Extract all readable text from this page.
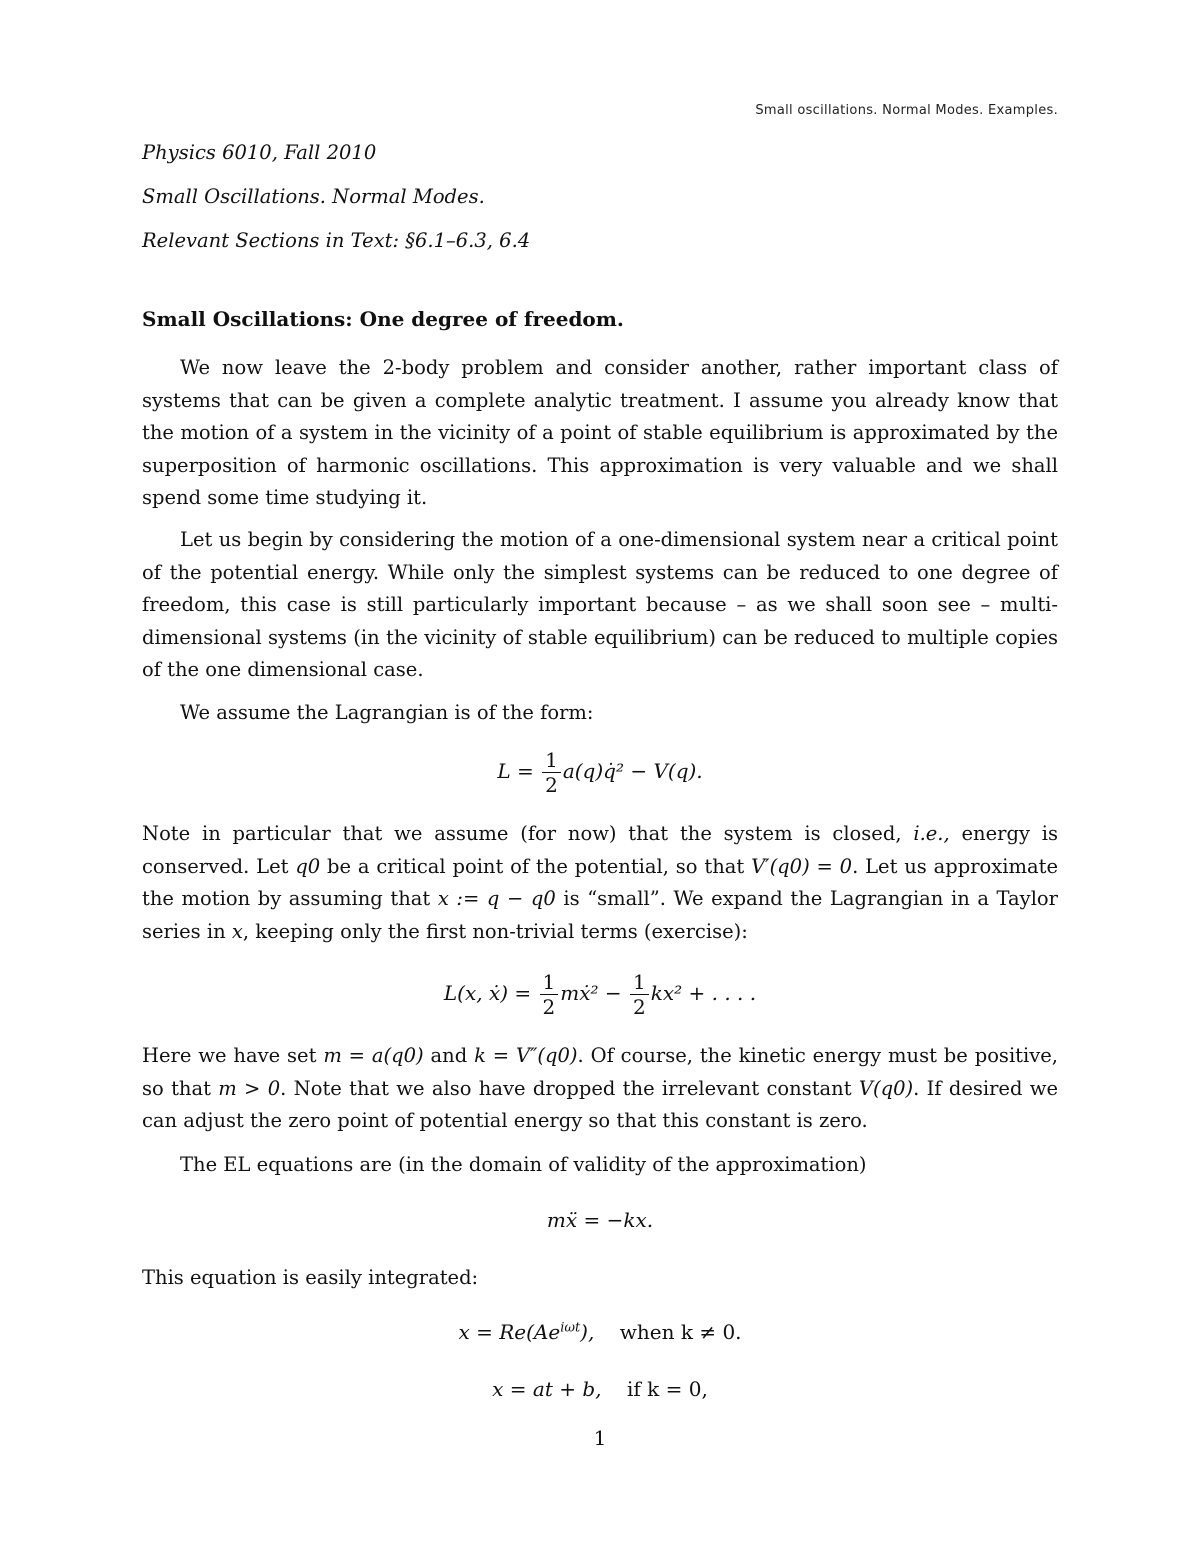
Small oscillations. Normal Modes. Examples.
Physics 6010, Fall 2010
Small Oscillations. Normal Modes.
Relevant Sections in Text: §6.1–6.3, 6.4
Small Oscillations: One degree of freedom.
We now leave the 2-body problem and consider another, rather important class of systems that can be given a complete analytic treatment. I assume you already know that the motion of a system in the vicinity of a point of stable equilibrium is approximated by the superposition of harmonic oscillations. This approximation is very valuable and we shall spend some time studying it.
Let us begin by considering the motion of a one-dimensional system near a critical point of the potential energy. While only the simplest systems can be reduced to one degree of freedom, this case is still particularly important because – as we shall soon see – multi-dimensional systems (in the vicinity of stable equilibrium) can be reduced to multiple copies of the one dimensional case.
We assume the Lagrangian is of the form:
$L = \frac{1}{2}$ a(q)q̇² − V(q).
Note in particular that we assume (for now) that the system is closed, i.e., energy is conserved. Let q0 be a critical point of the potential, so that V′(q0) = 0. Let us approximate the motion by assuming that x := q − q0 is “small”. We expand the Lagrangian in a Taylor series in x, keeping only the first non-trivial terms (exercise):
L(x, ẋ) = $\frac{1}{2}$ mẋ² − $\frac{1}{2} kx^2$ + . . . .
Here we have set m = a(q0) and k = V″(q0). Of course, the kinetic energy must be positive, so that m > 0. Note that we also have dropped the irrelevant constant V(q0). If desired we can adjust the zero point of potential energy so that this constant is zero.
The EL equations are (in the domain of validity of the approximation)
mẍ = −kx.
This equation is easily integrated:
$x = Re(Ae^{i\omega t})$, when k ≠ 0.
x = at + b, if k = 0,
1
